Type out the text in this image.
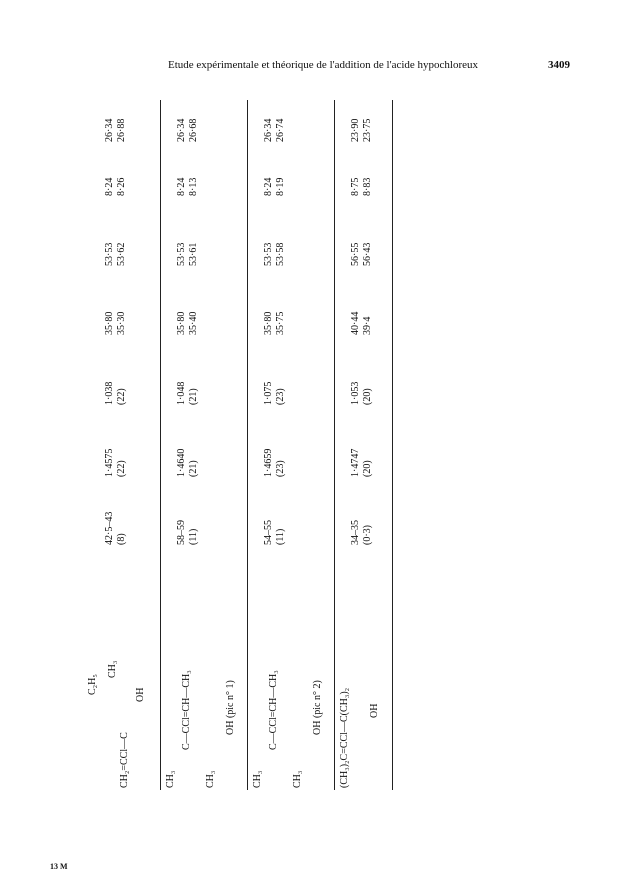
Etude expérimentale et théorique de l'addition de l'acide hypochloreux	3409
C₂H₅
CH₂=CCl—C
CH₃
OH
42·5–43 (8)
1·4575 (22)
1·038 (22)
35·80 35·30
53·53 53·62
8·24 8·26
26·34 26·88
CH₃
C—CCl=CH—CH₃
CH₃
OH (pic n° 1)
58–59 (11)
1·4640 (21)
1·048 (21)
35·80 35·40
53·53 53·61
8·24 8·13
26·34 26·68
CH₃
C—CCl=CH—CH₃
CH₃
OH (pic n° 2)
54–55 (11)
1·4659 (23)
1·075 (23)
35·80 35·75
53·53 53·58
8·24 8·19
26·34 26·74
(CH₃)₂C=CCl—C(CH₃)₂ OH
34–35 (0·3)
1·4747 (20)
1·053 (20)
40·44 39·4
56·55 56·43
8·75 8·83
23·90 23·75
13 M
